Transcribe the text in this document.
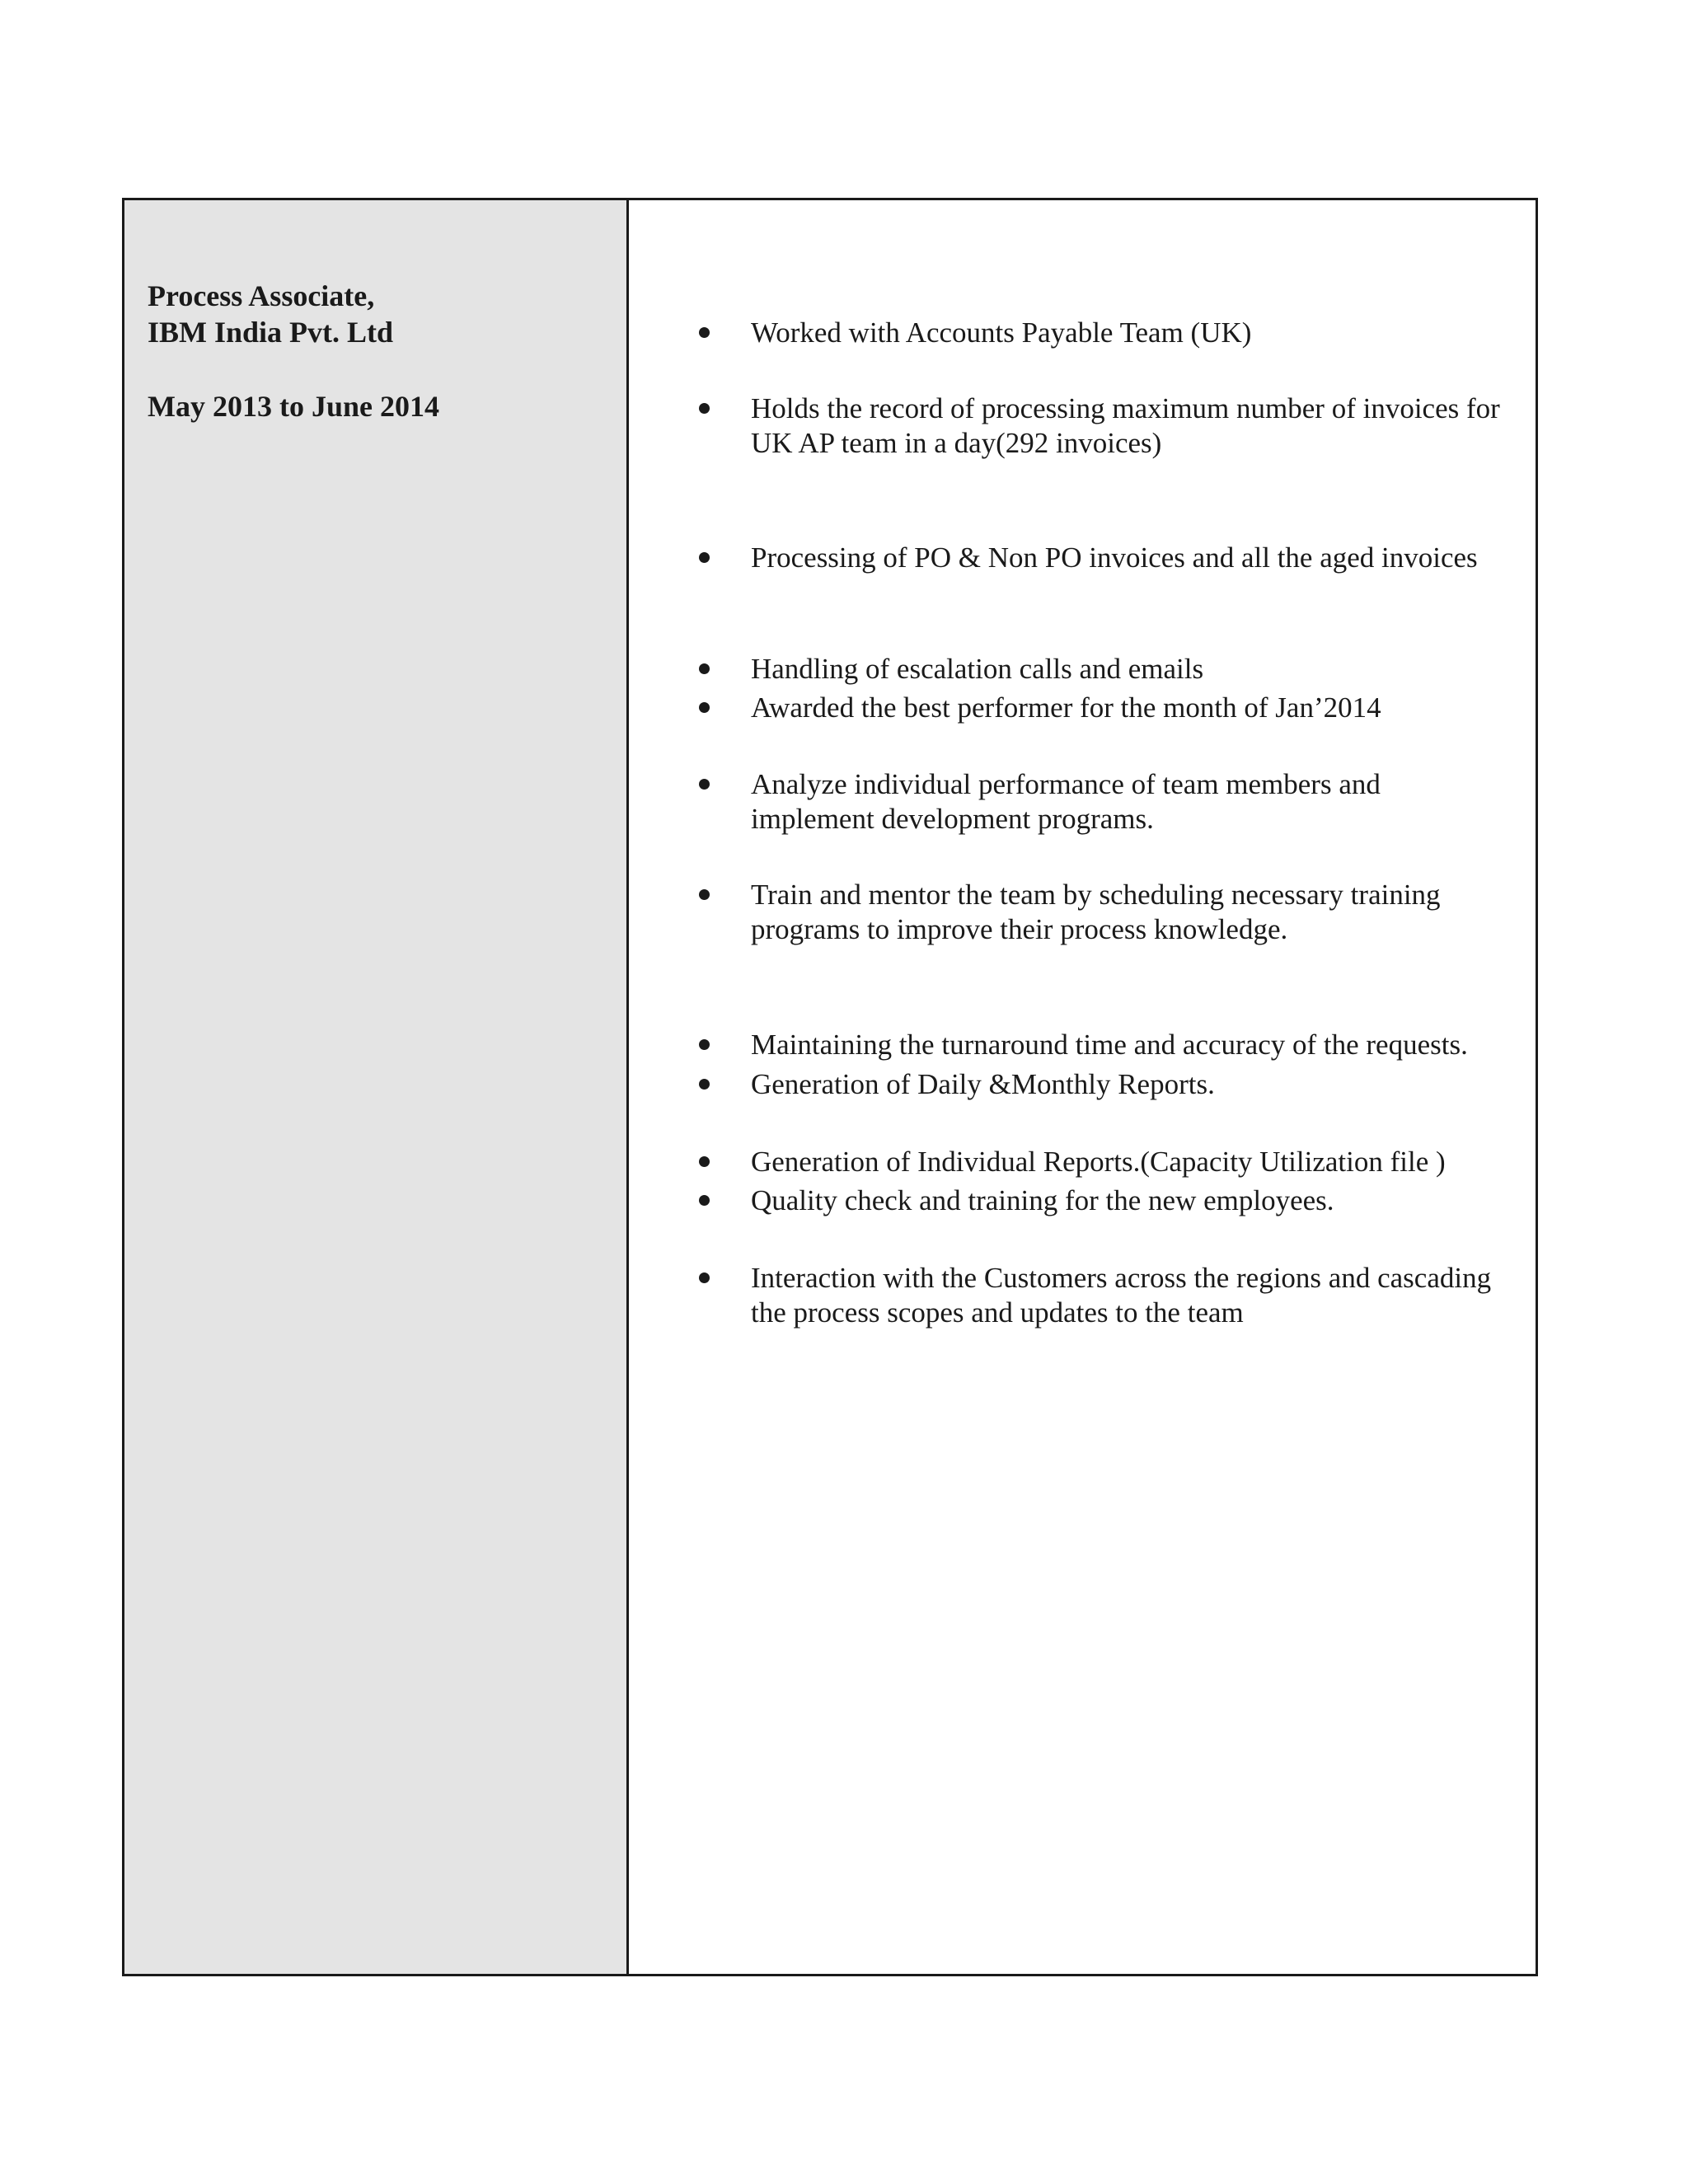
Process Associate,
IBM India Pvt. Ltd
May 2013 to June 2014
Worked with Accounts Payable Team (UK)
Holds the record of processing maximum number of invoices for UK AP team in a day(292 invoices)
Processing of PO & Non PO invoices and all the aged invoices
Handling of escalation calls and emails
Awarded the best performer for the month of Jan’2014
Analyze individual performance of team members and implement development programs.
Train and mentor the team by scheduling necessary training programs to improve their process knowledge.
Maintaining the turnaround time and accuracy of the requests.
Generation of Daily &Monthly Reports.
Generation of Individual Reports.(Capacity Utilization file )
Quality check and training for the new employees.
Interaction with the Customers across the regions and cascading the process scopes and updates to the team
